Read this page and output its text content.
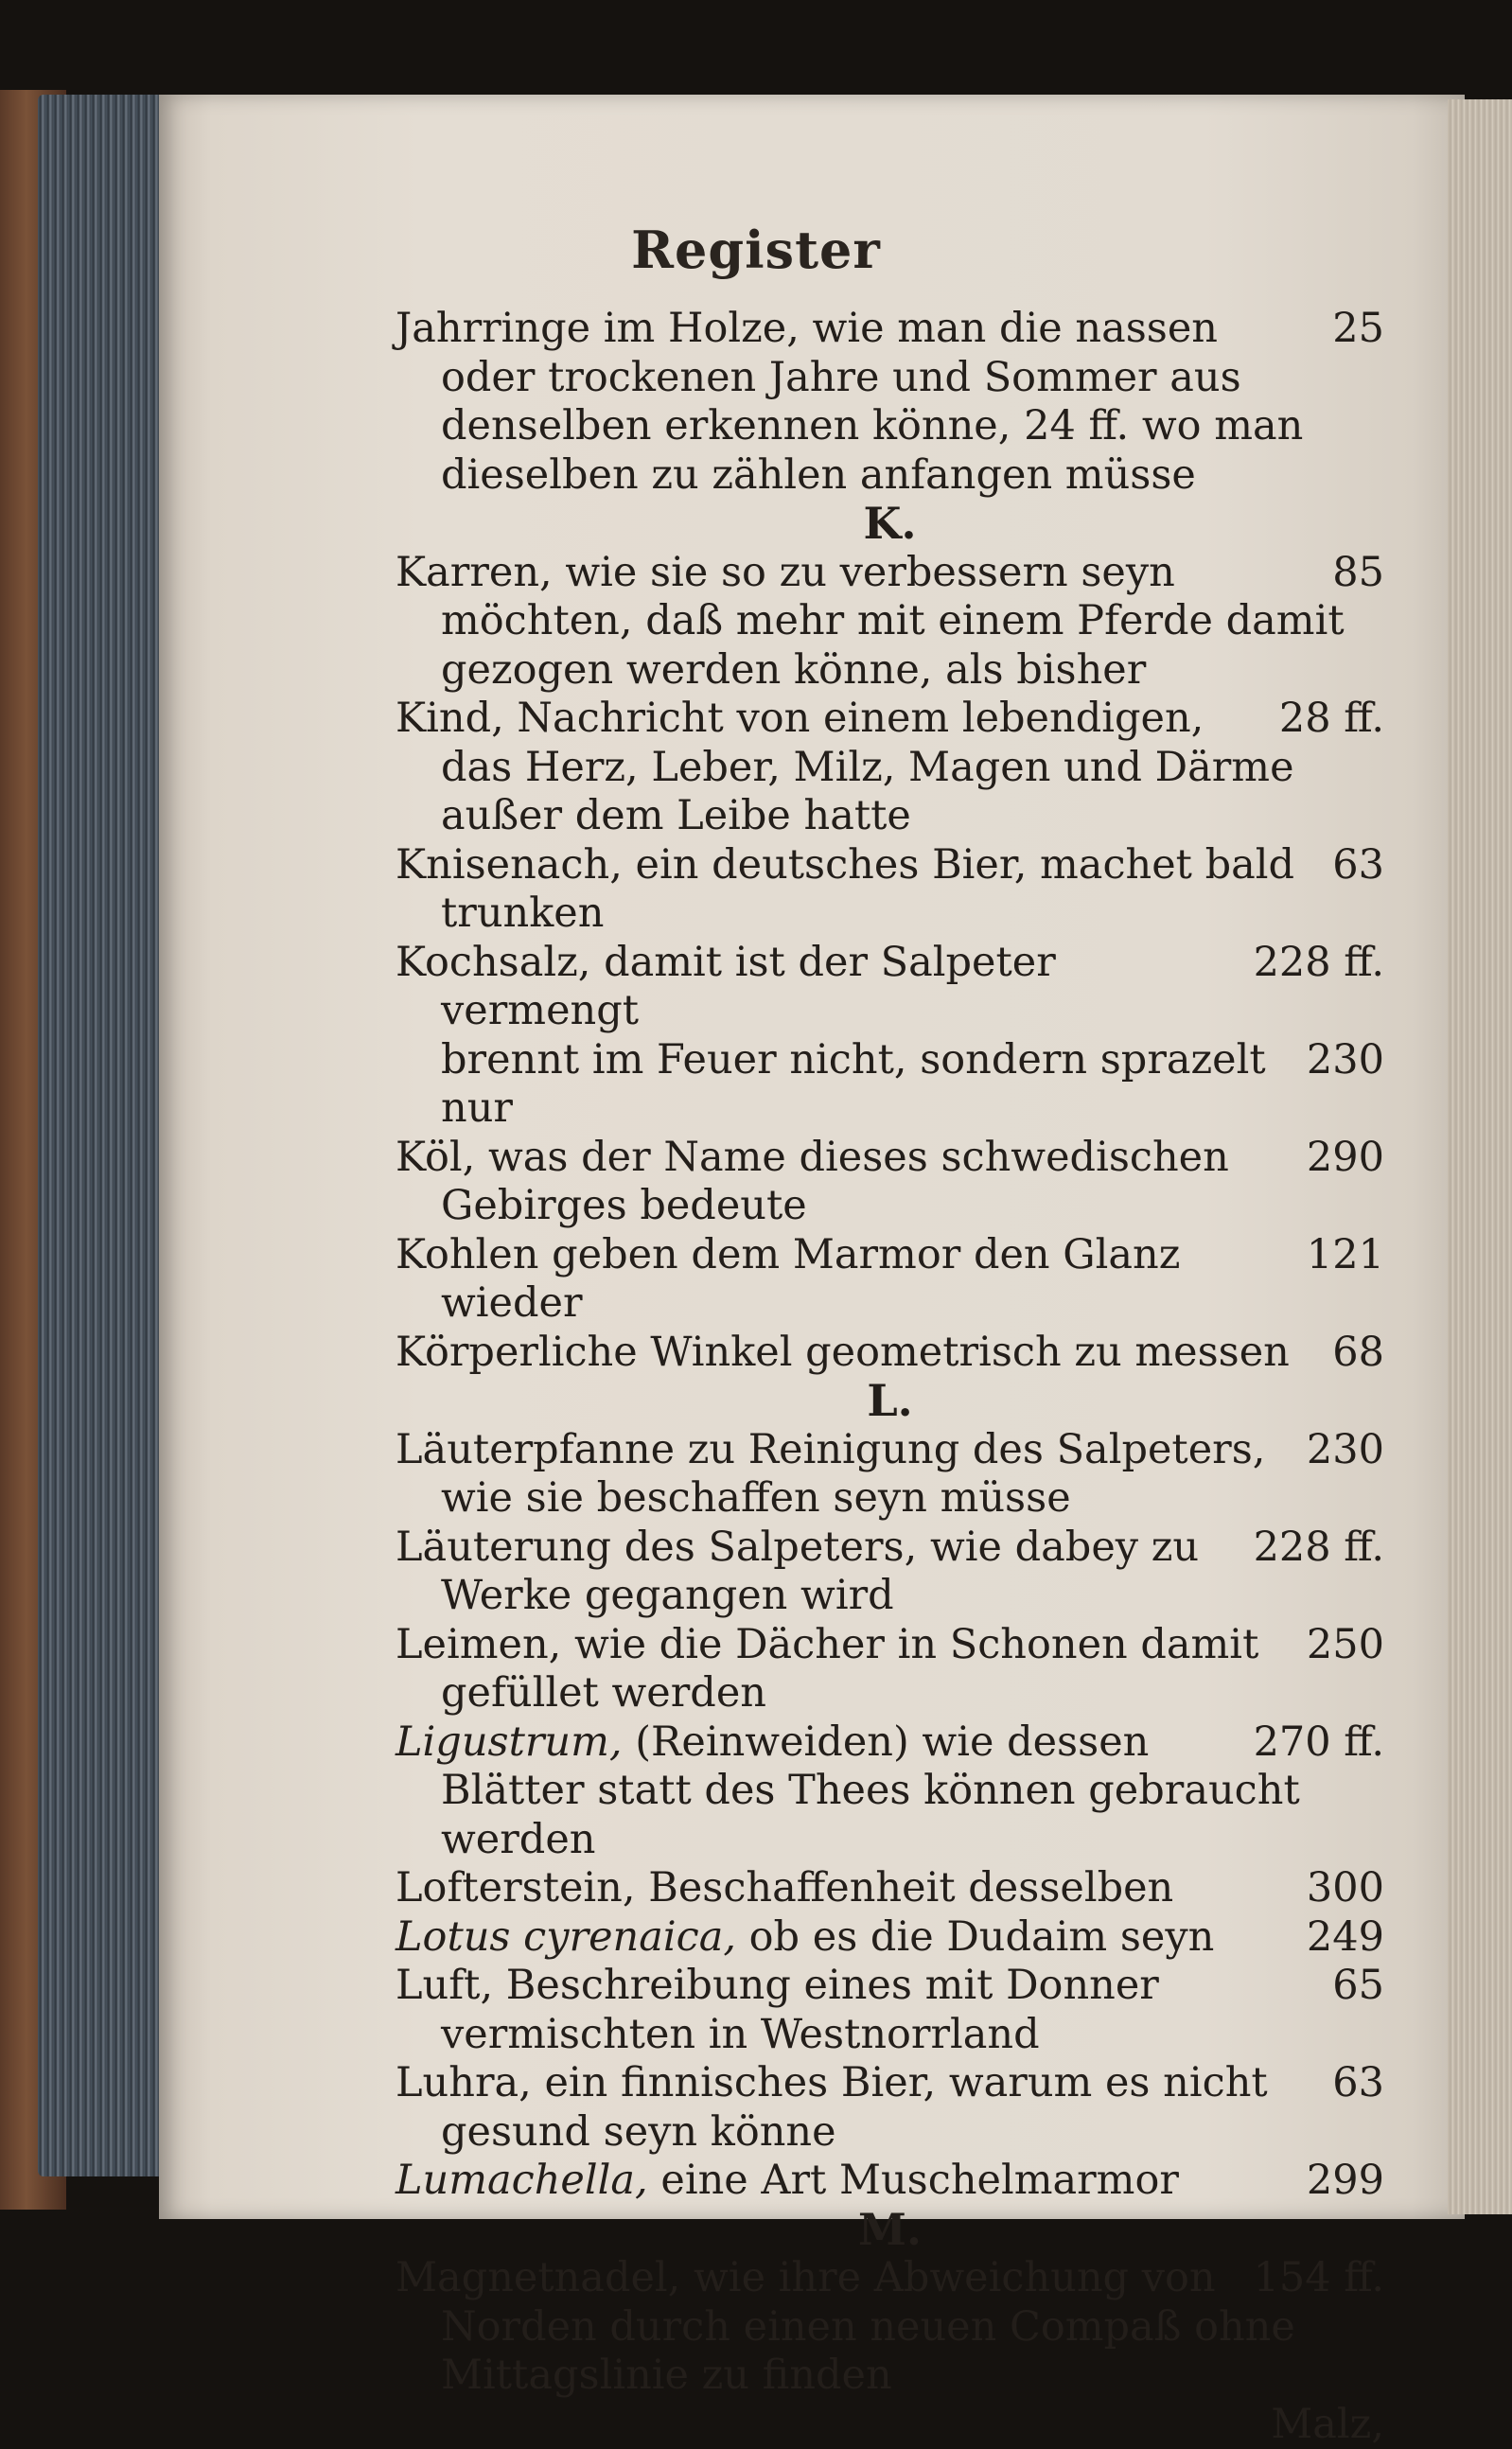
Register
25
Jahrringe im Holze, wie man die nassen oder trockenen Jahre und Sommer aus denselben erkennen könne, 24 ff. wo man dieselben zu zählen anfangen müsse
K.
85
Karren, wie sie so zu verbessern seyn möchten, daß mehr mit einem Pferde damit gezogen werden könne, als bisher
28 ff.
Kind, Nachricht von einem lebendigen, das Herz, Leber, Milz, Magen und Därme außer dem Leibe hatte
63
Knisenach, ein deutsches Bier, machet bald trunken
228 ff.
Kochsalz, damit ist der Salpeter vermengt
230
brennt im Feuer nicht, sondern sprazelt nur
290
Köl, was der Name dieses schwedischen Gebirges bedeute
121
Kohlen geben dem Marmor den Glanz wieder
68
Körperliche Winkel geometrisch zu messen
L.
230
Läuterpfanne zu Reinigung des Salpeters, wie sie beschaffen seyn müsse
228 ff.
Läuterung des Salpeters, wie dabey zu Werke gegangen wird
250
Leimen, wie die Dächer in Schonen damit gefüllet werden
270 ff.
Ligustrum, (Reinweiden) wie dessen Blätter statt des Thees können gebraucht werden
300
Lofterstein, Beschaffenheit desselben
249
Lotus cyrenaica, ob es die Dudaim seyn
65
Luft, Beschreibung eines mit Donner vermischten in Westnorrland
63
Luhra, ein finnisches Bier, warum es nicht gesund seyn könne
299
Lumachella, eine Art Muschelmarmor
M.
154 ff.
Magnetnadel, wie ihre Abweichung von Norden durch einen neuen Compaß ohne Mittagslinie zu finden
Malz,
